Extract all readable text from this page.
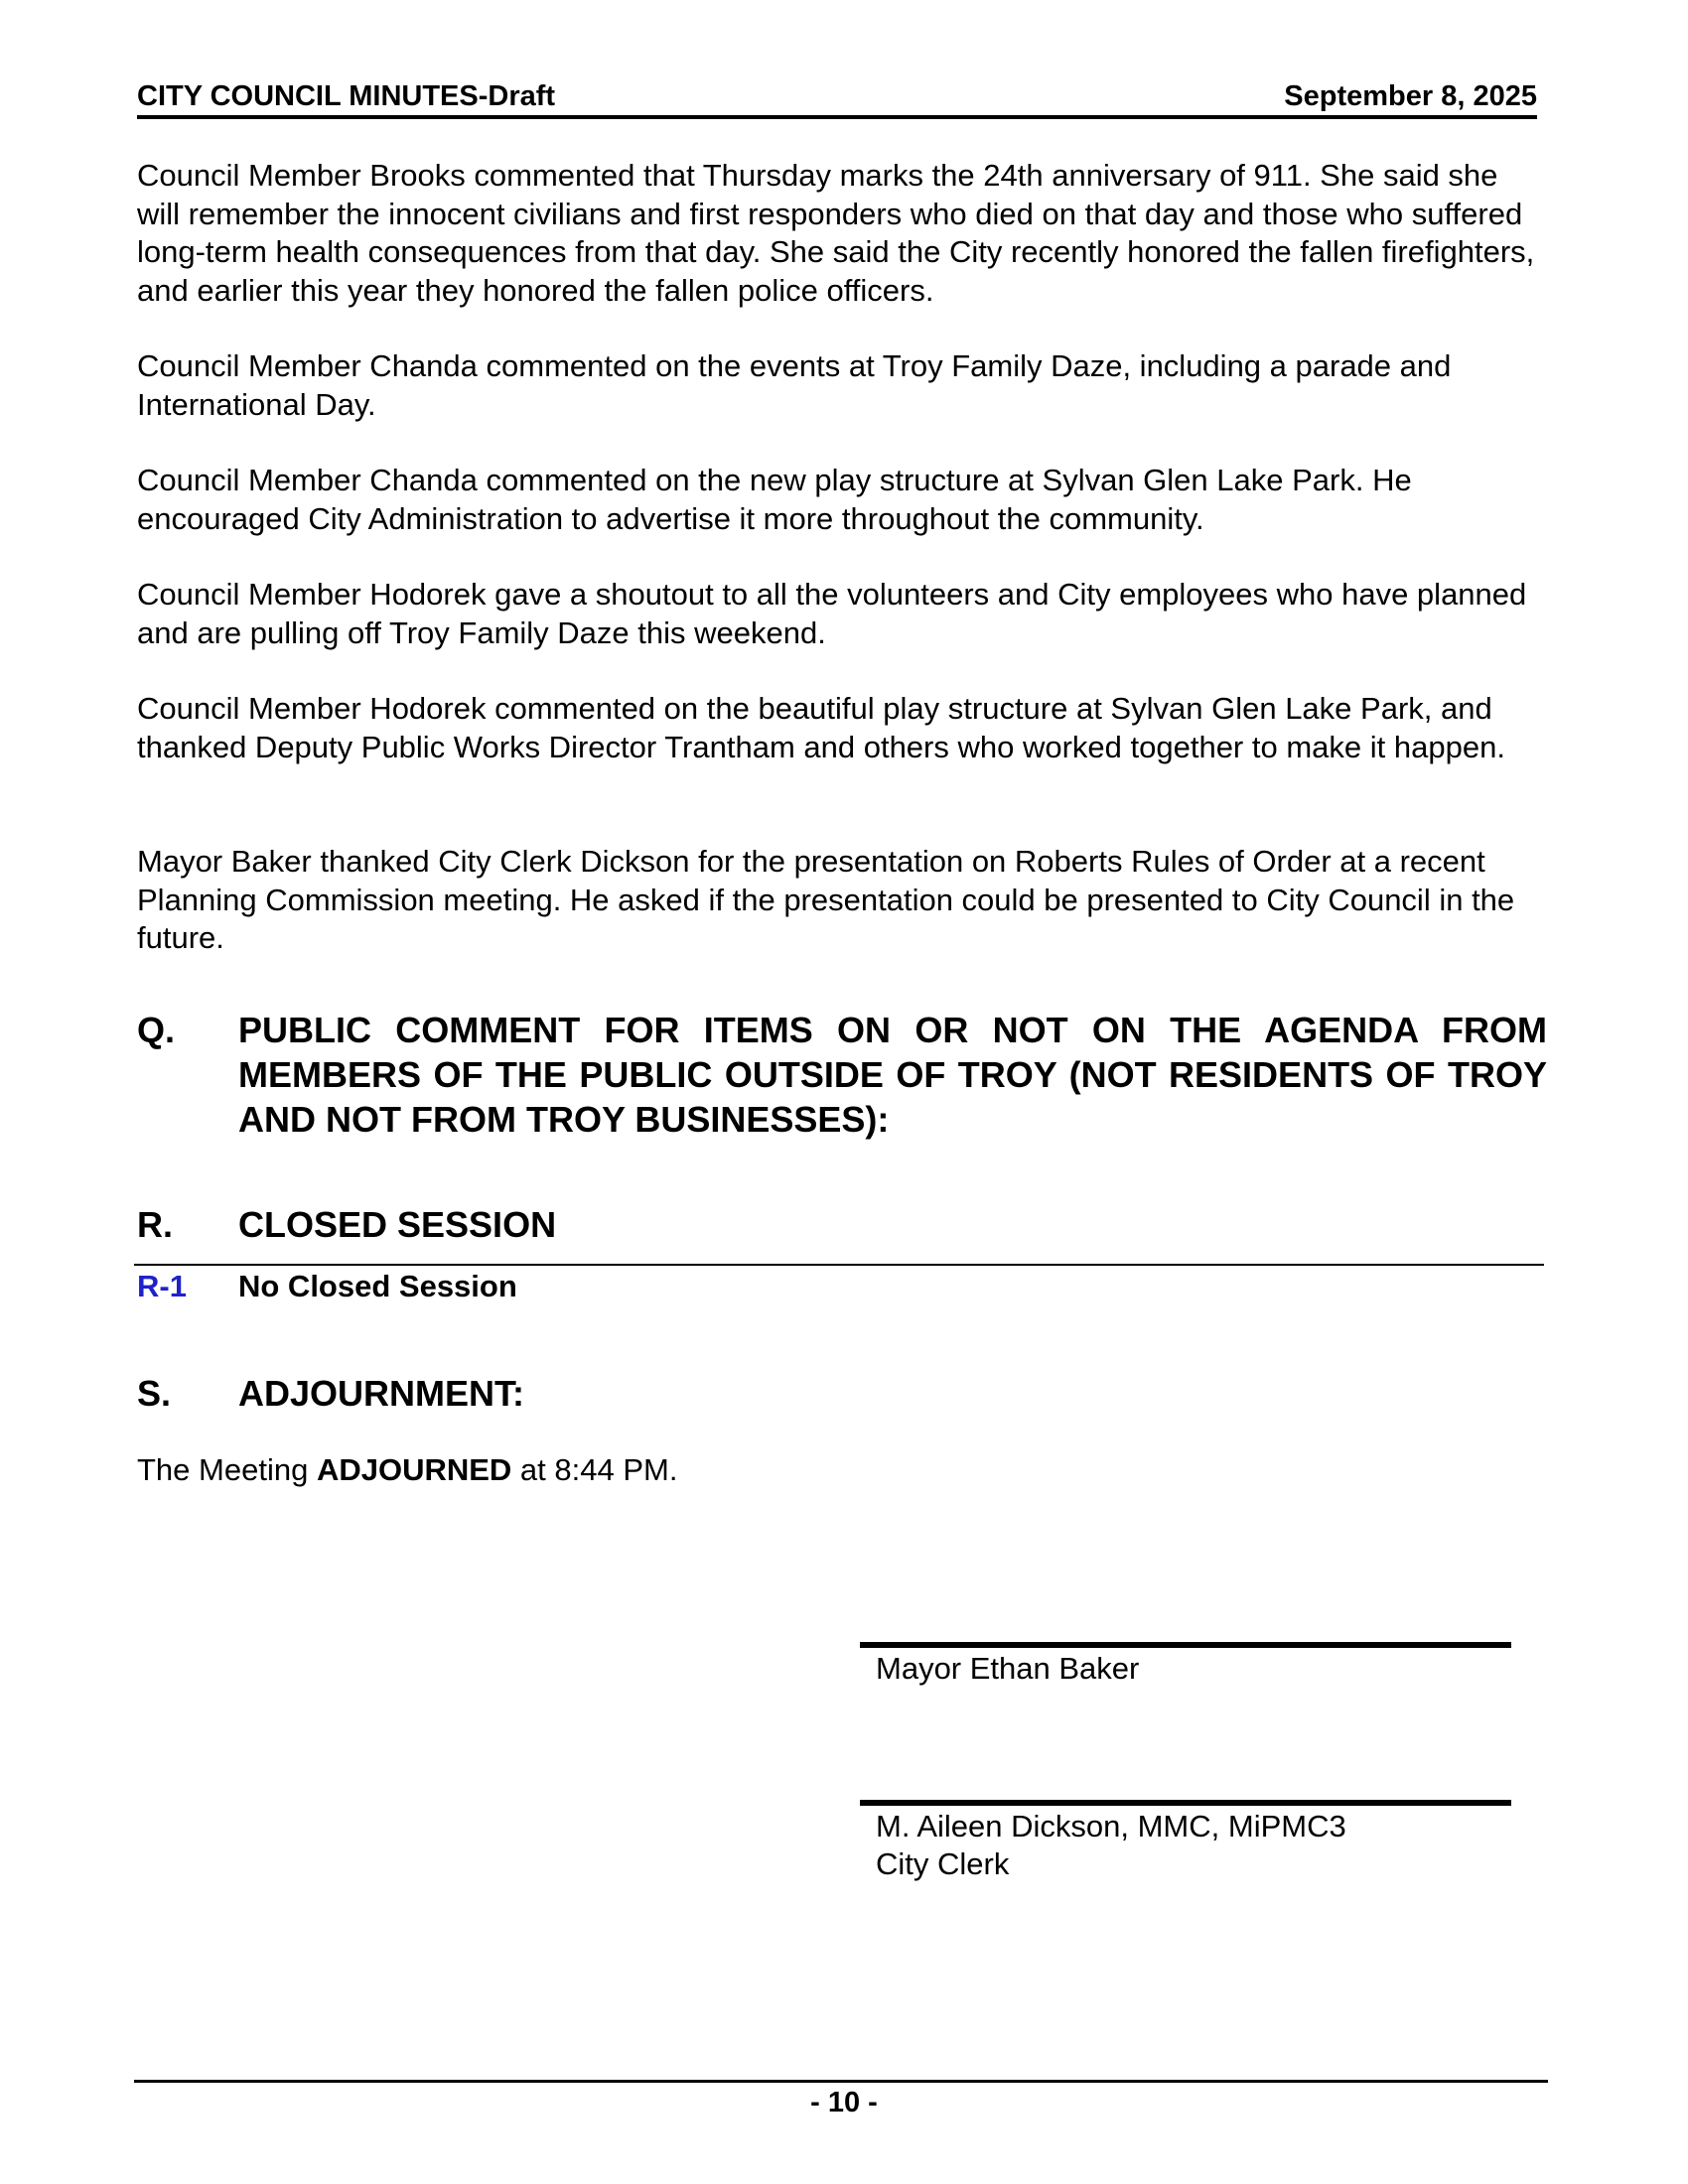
CITY COUNCIL MINUTES-Draft	September 8, 2025
Council Member Brooks commented that Thursday marks the 24th anniversary of 911. She said she will remember the innocent civilians and first responders who died on that day and those who suffered long-term health consequences from that day. She said the City recently honored the fallen firefighters, and earlier this year they honored the fallen police officers.
Council Member Chanda commented on the events at Troy Family Daze, including a parade and International Day.
Council Member Chanda commented on the new play structure at Sylvan Glen Lake Park. He encouraged City Administration to advertise it more throughout the community.
Council Member Hodorek gave a shoutout to all the volunteers and City employees who have planned and are pulling off Troy Family Daze this weekend.
Council Member Hodorek commented on the beautiful play structure at Sylvan Glen Lake Park, and thanked Deputy Public Works Director Trantham and others who worked together to make it happen.
Mayor Baker thanked City Clerk Dickson for the presentation on Roberts Rules of Order at a recent Planning Commission meeting. He asked if the presentation could be presented to City Council in the future.
Q. PUBLIC COMMENT FOR ITEMS ON OR NOT ON THE AGENDA FROM MEMBERS OF THE PUBLIC OUTSIDE OF TROY (NOT RESIDENTS OF TROY AND NOT FROM TROY BUSINESSES):
R. CLOSED SESSION
R-1 No Closed Session
S. ADJOURNMENT:
The Meeting ADJOURNED at 8:44 PM.
Mayor Ethan Baker
M. Aileen Dickson, MMC, MiPMC3
City Clerk
- 10 -
